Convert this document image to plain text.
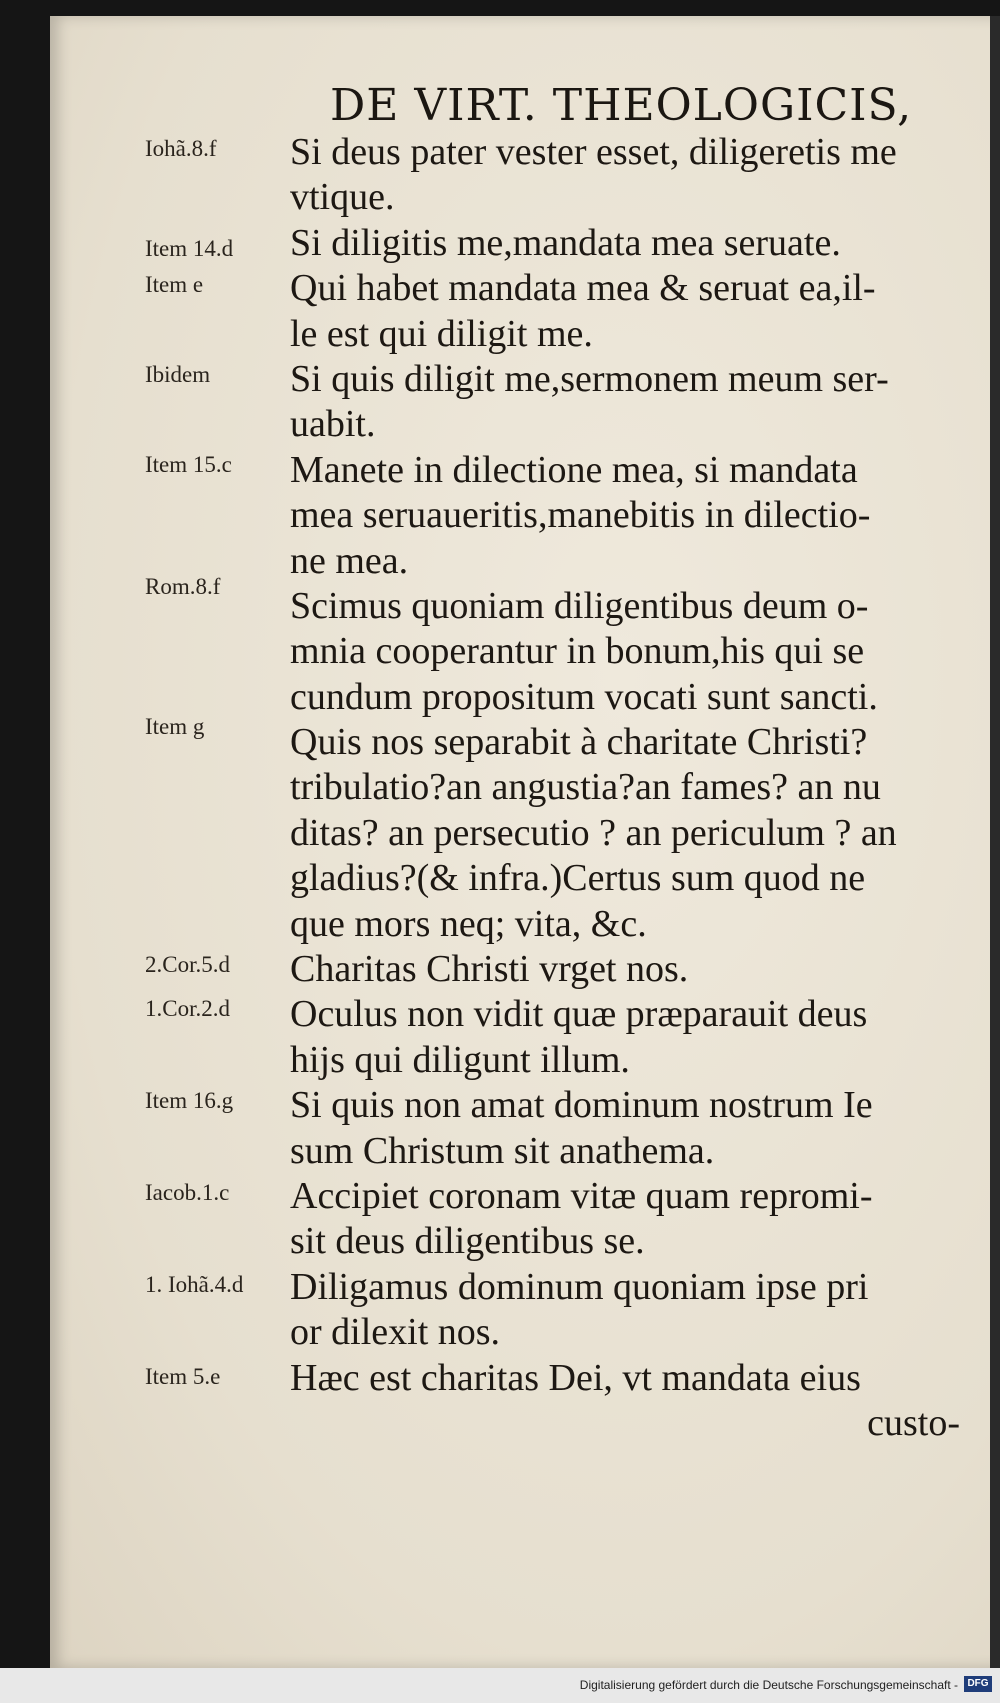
DE VIRT. THEOLOGICIS,
Iohã.8.f
Item 14.d
Item e
Ibidem
Item 15.c
Rom.8.f
Item g
2.Cor.5.d
1.Cor.2.d
Item 16.g
Iacob.1.c
1. Iohã.4.d
Item 5.e
Si deus pater vester esset, diligeretis me
vtique.
Si diligitis me,mandata mea seruate.
Qui habet mandata mea & seruat ea,il-
le est qui diligit me.
Si quis diligit me,sermonem meum ser-
uabit.
Manete in dilectione mea, si mandata
mea seruaueritis,manebitis in dilectio-
ne mea.
Scimus quoniam diligentibus deum o-
mnia cooperantur in bonum,his qui se
cundum propositum vocati sunt sancti.
Quis nos separabit à charitate Christi?
tribulatio?an angustia?an fames? an nu
ditas? an persecutio ? an periculum ? an
gladius?(& infra.)Certus sum quod ne
que mors neq; vita, &c.
Charitas Christi vrget nos.
Oculus non vidit quæ præparauit deus
hijs qui diligunt illum.
Si quis non amat dominum nostrum Ie
sum Christum sit anathema.
Accipiet coronam vitæ quam repromi-
sit deus diligentibus se.
Diligamus dominum quoniam ipse pri
or dilexit nos.
Hæc est charitas Dei, vt mandata eius
custo-
Digitalisierung gefördert durch die Deutsche Forschungsgemeinschaft - DFG
